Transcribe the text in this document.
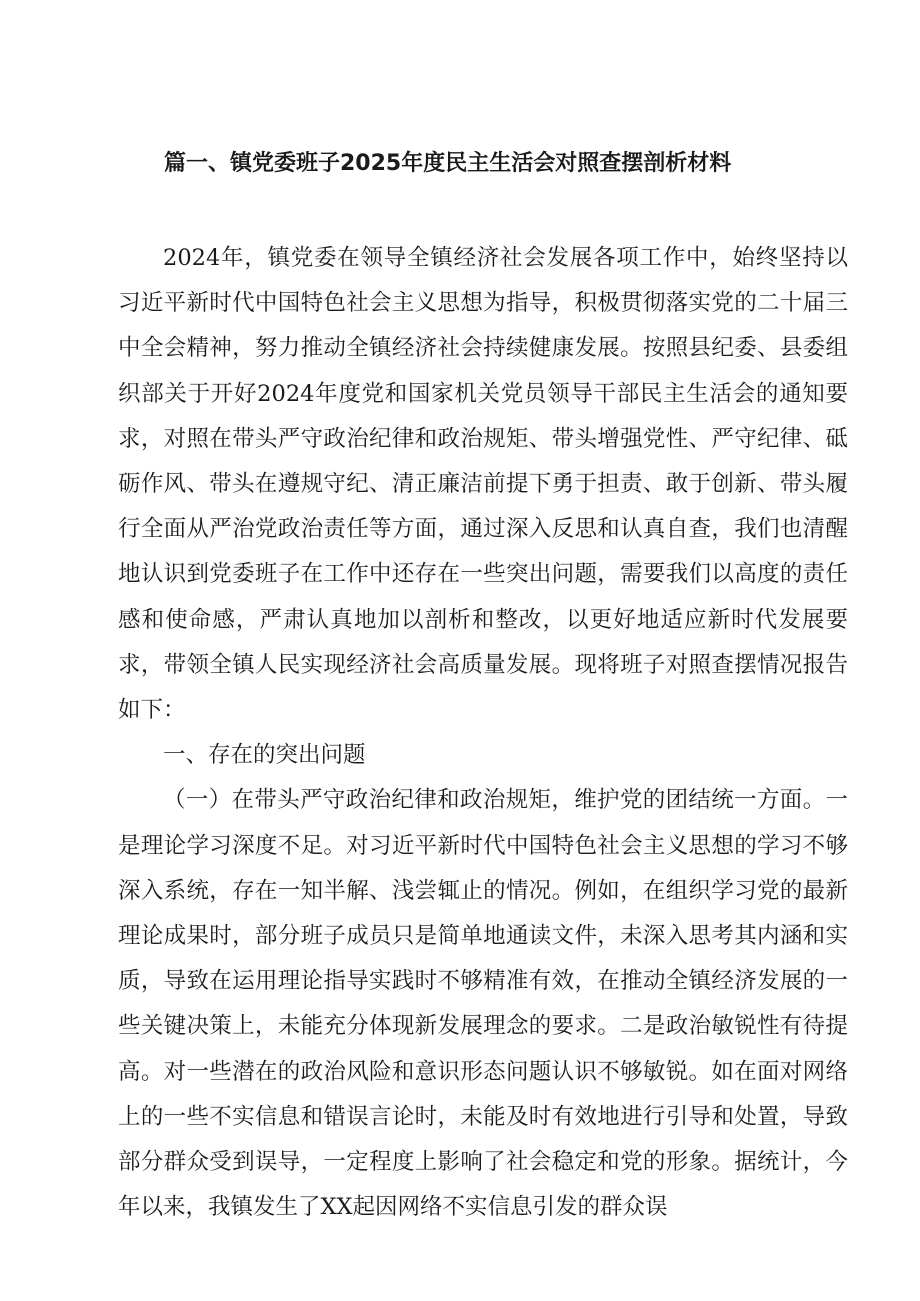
篇一、镇党委班子2025年度民主生活会对照查摆剖析材料

2024年，镇党委在领导全镇经济社会发展各项工作中，始终坚持以习近平新时代中国特色社会主义思想为指导，积极贯彻落实党的二十届三中全会精神，努力推动全镇经济社会持续健康发展。按照县纪委、县委组织部关于开好2024年度党和国家机关党员领导干部民主生活会的通知要求，对照在带头严守政治纪律和政治规矩、带头增强党性、严守纪律、砥砺作风、带头在遵规守纪、清正廉洁前提下勇于担责、敢于创新、带头履行全面从严治党政治责任等方面，通过深入反思和认真自查，我们也清醒地认识到党委班子在工作中还存在一些突出问题，需要我们以高度的责任感和使命感，严肃认真地加以剖析和整改，以更好地适应新时代发展要求，带领全镇人民实现经济社会高质量发展。现将班子对照查摆情况报告如下：

一、存在的突出问题

（一）在带头严守政治纪律和政治规矩，维护党的团结统一方面。一是理论学习深度不足。对习近平新时代中国特色社会主义思想的学习不够深入系统，存在一知半解、浅尝辄止的情况。例如，在组织学习党的最新理论成果时，部分班子成员只是简单地通读文件，未深入思考其内涵和实质，导致在运用理论指导实践时不够精准有效，在推动全镇经济发展的一些关键决策上，未能充分体现新发展理念的要求。二是政治敏锐性有待提高。对一些潜在的政治风险和意识形态问题认识不够敏锐。如在面对网络上的一些不实信息和错误言论时，未能及时有效地进行引导和处置，导致部分群众受到误导，一定程度上影响了社会稳定和党的形象。据统计，今年以来，我镇发生了XX起因网络不实信息引发的群众误
